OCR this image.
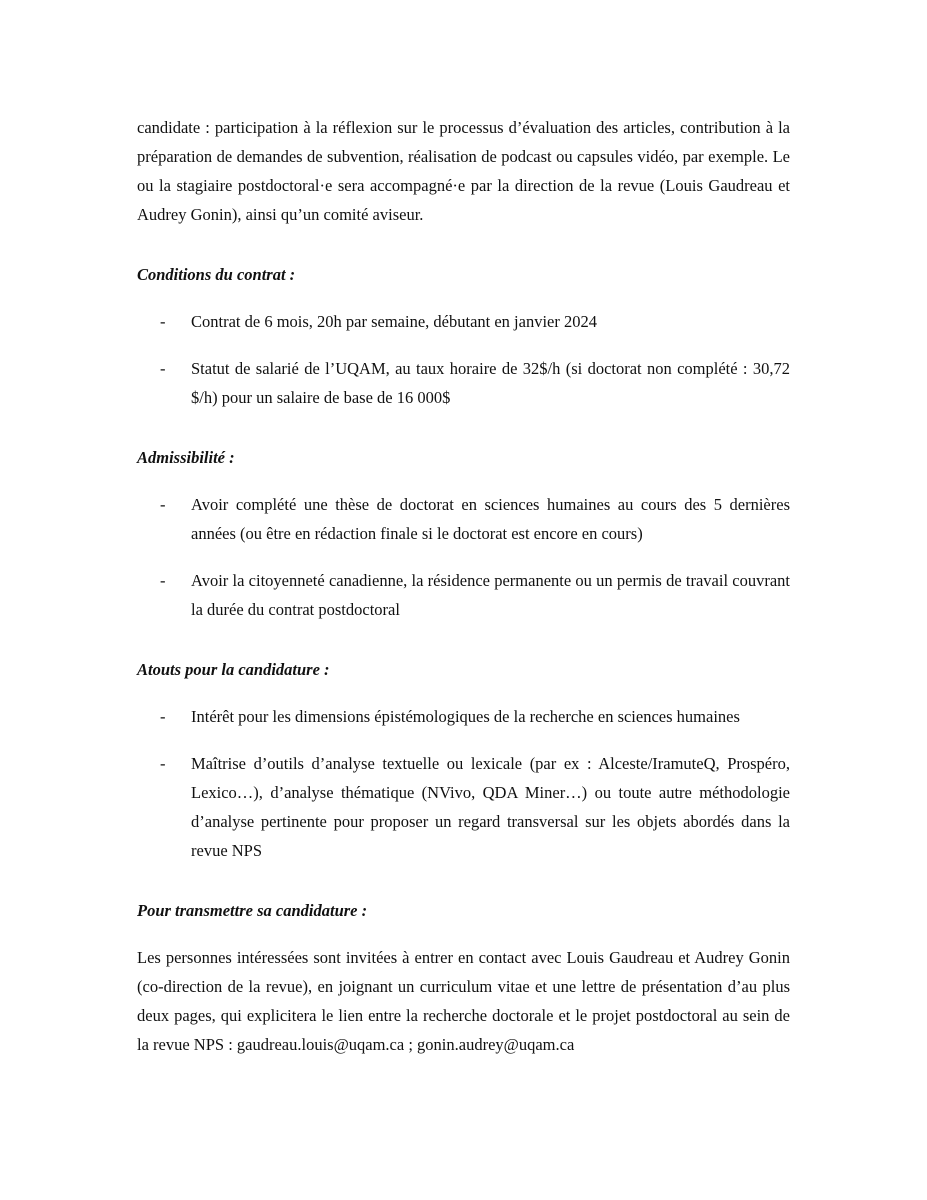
candidate : participation à la réflexion sur le processus d’évaluation des articles, contribution à la préparation de demandes de subvention, réalisation de podcast ou capsules vidéo, par exemple. Le ou la stagiaire postdoctoral·e sera accompagné·e par la direction de la revue (Louis Gaudreau et Audrey Gonin), ainsi qu’un comité aviseur.

Conditions du contrat :

- Contrat de 6 mois, 20h par semaine, débutant en janvier 2024
- Statut de salarié de l’UQAM, au taux horaire de 32$/h (si doctorat non complété : 30,72 $/h) pour un salaire de base de 16 000$

Admissibilité :

- Avoir complété une thèse de doctorat en sciences humaines au cours des 5 dernières années (ou être en rédaction finale si le doctorat est encore en cours)
- Avoir la citoyenneté canadienne, la résidence permanente ou un permis de travail couvrant la durée du contrat postdoctoral

Atouts pour la candidature :

- Intérêt pour les dimensions épistémologiques de la recherche en sciences humaines
- Maîtrise d’outils d’analyse textuelle ou lexicale (par ex : Alceste/IramuteQ, Prospéro, Lexico…), d’analyse thématique (NVivo, QDA Miner…) ou toute autre méthodologie d’analyse pertinente pour proposer un regard transversal sur les objets abordés dans la revue NPS

Pour transmettre sa candidature :

Les personnes intéressées sont invitées à entrer en contact avec Louis Gaudreau et Audrey Gonin (co-direction de la revue), en joignant un curriculum vitae et une lettre de présentation d’au plus deux pages, qui explicitera le lien entre la recherche doctorale et le projet postdoctoral au sein de la revue NPS : gaudreau.louis@uqam.ca ; gonin.audrey@uqam.ca
